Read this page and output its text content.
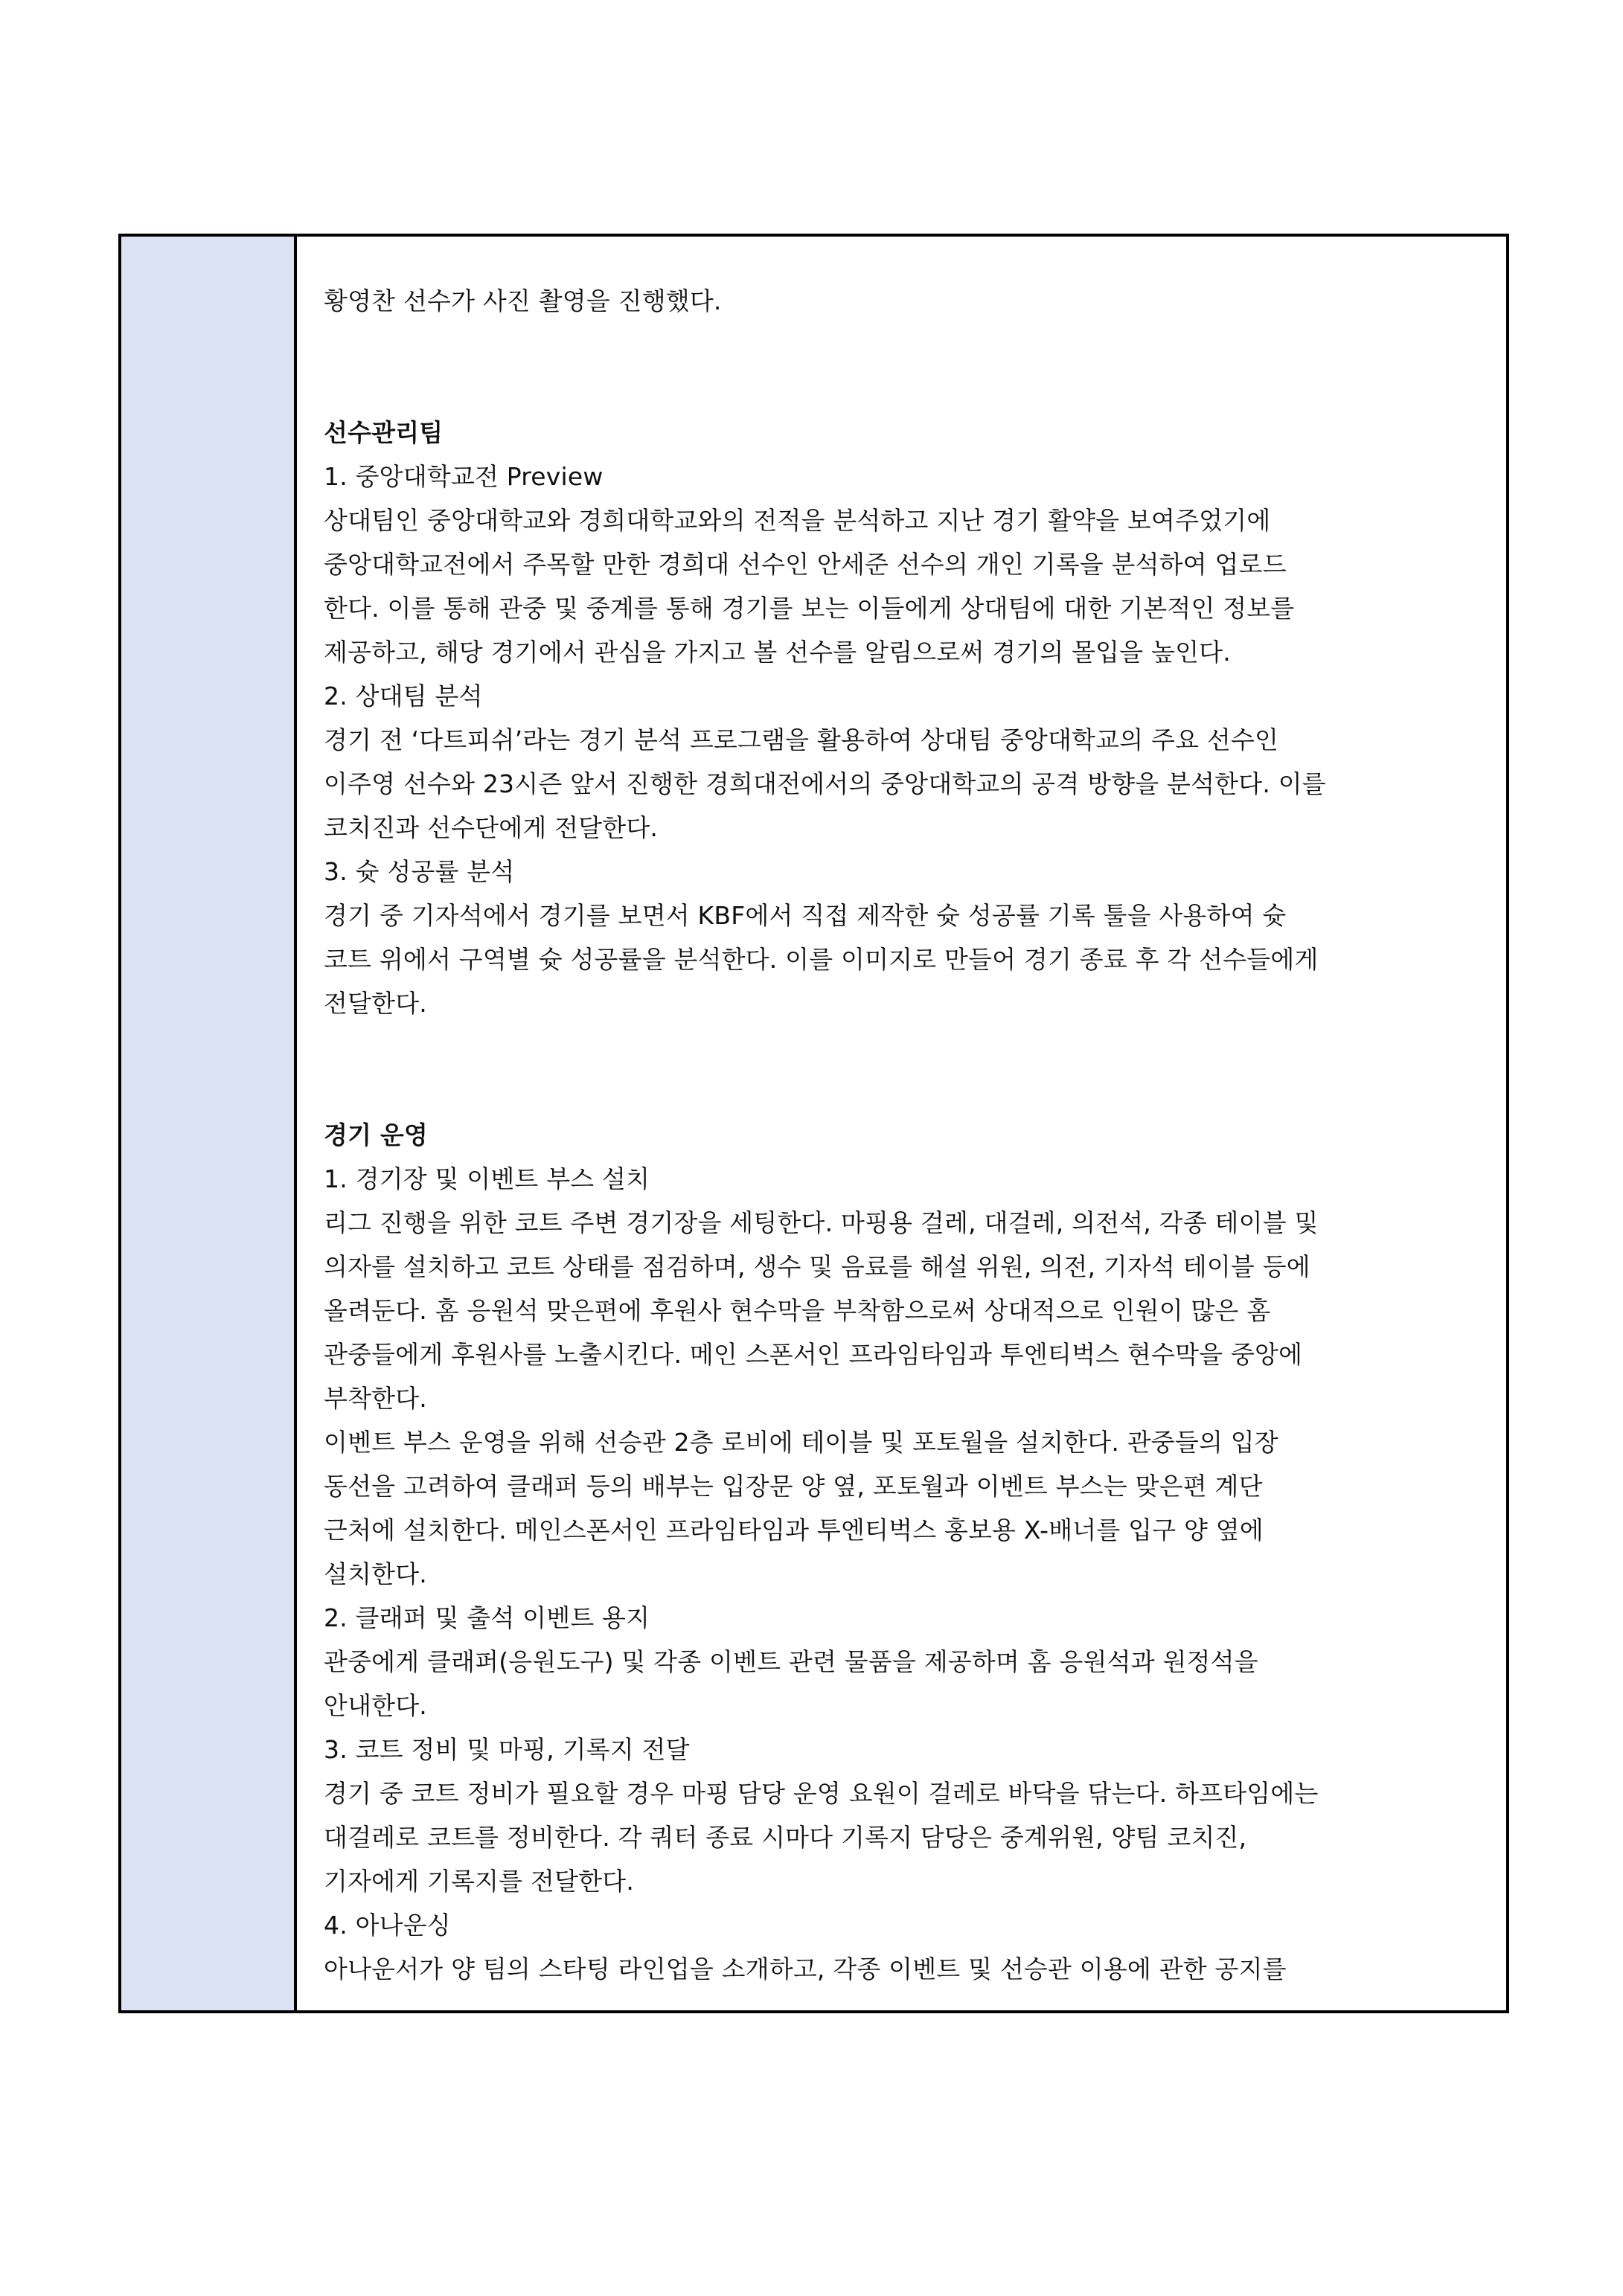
황영찬 선수가 사진 촬영을 진행했다.
선수관리팀
1. 중앙대학교전 Preview
상대팀인 중앙대학교와 경희대학교와의 전적을 분석하고 지난 경기 활약을 보여주었기에
중앙대학교전에서 주목할 만한 경희대 선수인 안세준 선수의 개인 기록을 분석하여 업로드
한다. 이를 통해 관중 및 중계를 통해 경기를 보는 이들에게 상대팀에 대한 기본적인 정보를
제공하고, 해당 경기에서 관심을 가지고 볼 선수를 알림으로써 경기의 몰입을 높인다.
2. 상대팀 분석
경기 전 ‘다트피쉬’라는 경기 분석 프로그램을 활용하여 상대팀 중앙대학교의 주요 선수인
이주영 선수와 23시즌 앞서 진행한 경희대전에서의 중앙대학교의 공격 방향을 분석한다. 이를
코치진과 선수단에게 전달한다.
3. 슛 성공률 분석
경기 중 기자석에서 경기를 보면서 KBF에서 직접 제작한 슛 성공률 기록 툴을 사용하여 슛
코트 위에서 구역별 슛 성공률을 분석한다. 이를 이미지로 만들어 경기 종료 후 각 선수들에게
전달한다.
경기 운영
1. 경기장 및 이벤트 부스 설치
리그 진행을 위한 코트 주변 경기장을 세팅한다. 마핑용 걸레, 대걸레, 의전석, 각종 테이블 및
의자를 설치하고 코트 상태를 점검하며, 생수 및 음료를 해설 위원, 의전, 기자석 테이블 등에
올려둔다. 홈 응원석 맞은편에 후원사 현수막을 부착함으로써 상대적으로 인원이 많은 홈
관중들에게 후원사를 노출시킨다. 메인 스폰서인 프라임타임과 투엔티벅스 현수막을 중앙에
부착한다.
이벤트 부스 운영을 위해 선승관 2층 로비에 테이블 및 포토월을 설치한다. 관중들의 입장
동선을 고려하여 클래퍼 등의 배부는 입장문 양 옆, 포토월과 이벤트 부스는 맞은편 계단
근처에 설치한다. 메인스폰서인 프라임타임과 투엔티벅스 홍보용 X-배너를 입구 양 옆에
설치한다.
2. 클래퍼 및 출석 이벤트 용지
관중에게 클래퍼(응원도구) 및 각종 이벤트 관련 물품을 제공하며 홈 응원석과 원정석을
안내한다.
3. 코트 정비 및 마핑, 기록지 전달
경기 중 코트 정비가 필요할 경우 마핑 담당 운영 요원이 걸레로 바닥을 닦는다. 하프타임에는
대걸레로 코트를 정비한다. 각 쿼터 종료 시마다 기록지 담당은 중계위원, 양팀 코치진,
기자에게 기록지를 전달한다.
4. 아나운싱
아나운서가 양 팀의 스타팅 라인업을 소개하고, 각종 이벤트 및 선승관 이용에 관한 공지를
